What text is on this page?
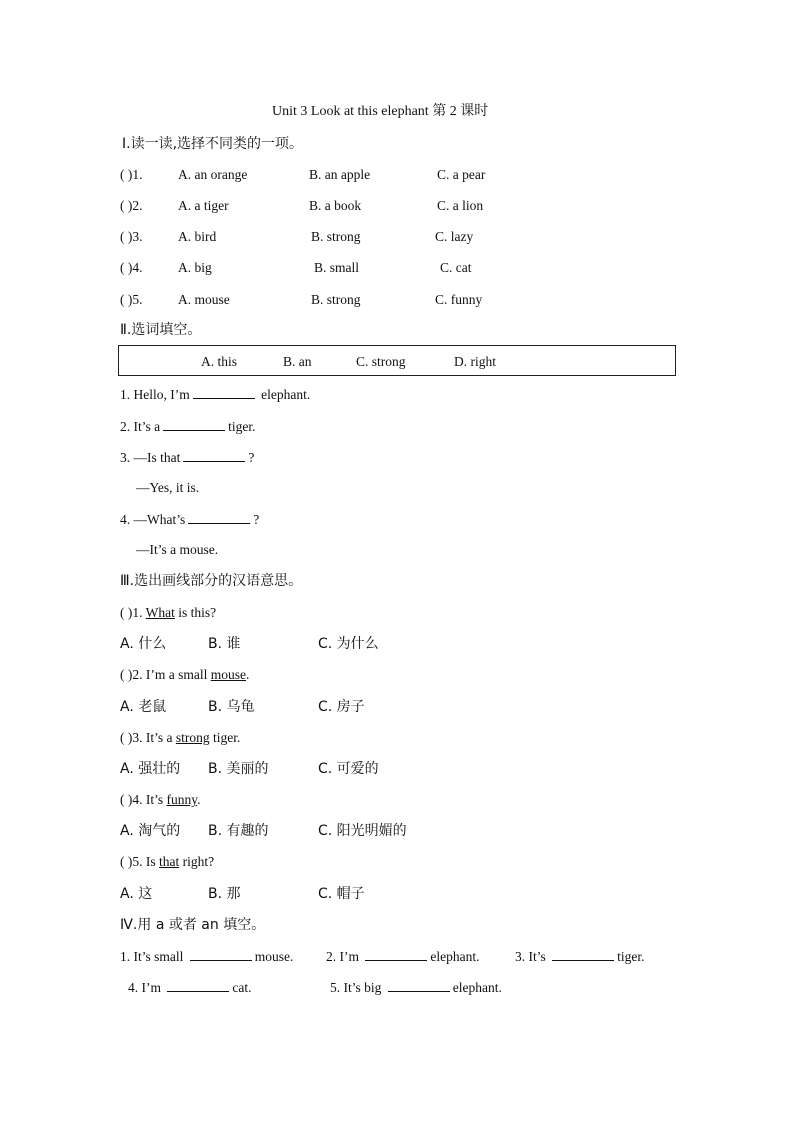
Unit 3 Look at this elephant 第 2 课时
Ⅰ.读一读,选择不同类的一项。
( )1.	A. an orange	B. an apple	C. a pear
( )2.	A. a tiger	B. a book	C. a lion
( )3.	A. bird	B. strong	C. lazy
( )4.	A. big	B. small	C. cat
( )5.	A. mouse	B. strong	C. funny
Ⅱ.选词填空。
A. this	B. an	C. strong	D. right
1. Hello, I’m	elephant.
2. It’s a	tiger.
3. —Is that	?
—Yes, it is.
4. —What’s	?
—It’s a mouse.
Ⅲ.选出画线部分的汉语意思。
( )1. What is this?
A. 什么	B. 谁	C. 为什么
( )2. I’m a small mouse.
A. 老鼠	B. 乌龟	C. 房子
( )3. It’s a strong tiger.
A. 强壮的 B. 美丽的	C. 可爱的
( )4. It’s funny.
A. 淘气的 B. 有趣的	C. 阳光明媚的
( )5. Is that right?
A. 这	B. 那	C. 帽子
Ⅳ.用 a 或者 an 填空。
1. It’s small	mouse. 2. I’m	elephant.	3. It’s	tiger.
4. I’m	cat.	5. It’s big	elephant.
